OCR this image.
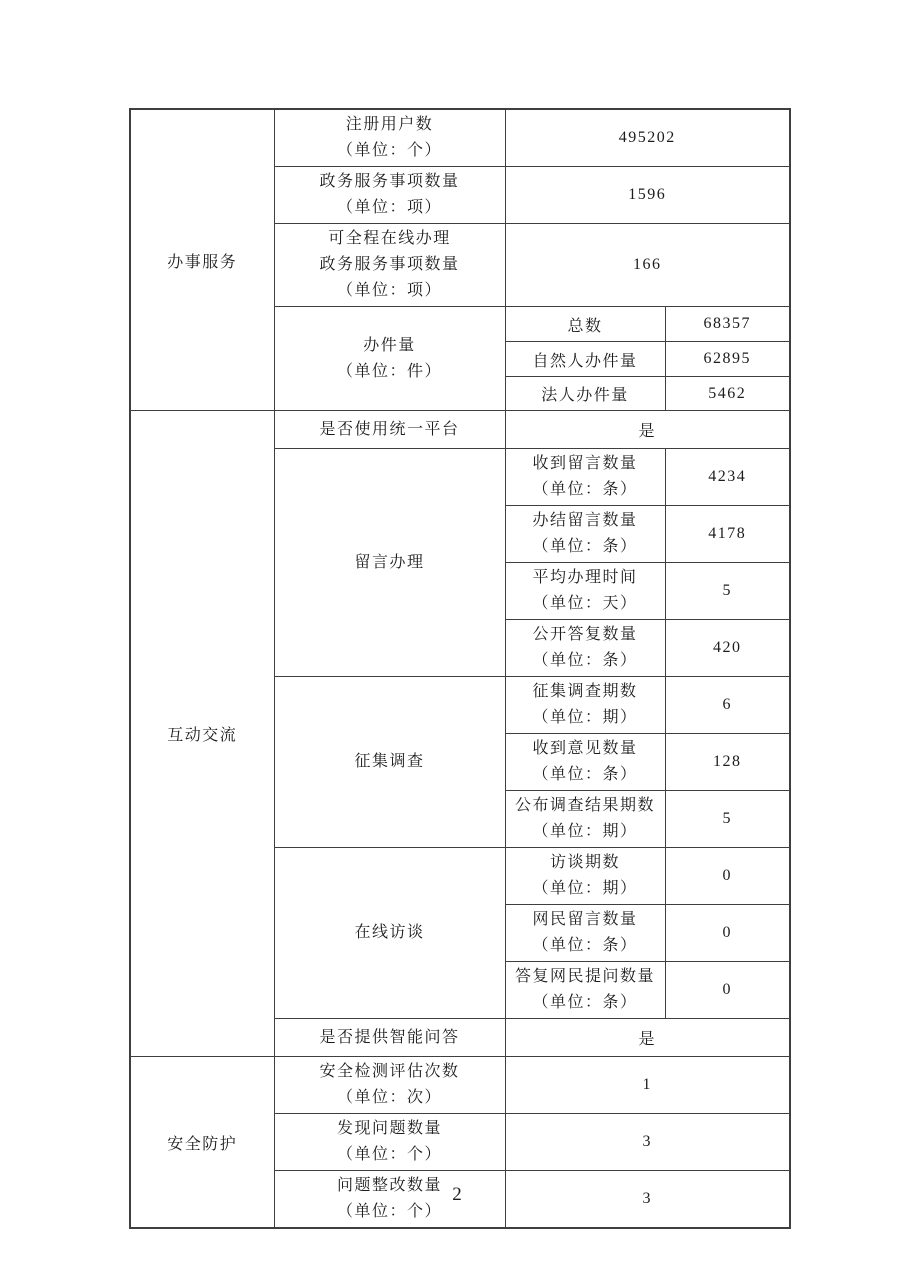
办事服务	注册用户数
（单位：个）	495202	

	政务服务事项数量
（单位：项）	1596	

	可全程在线办理
政务服务事项数量
（单位：项）	166	

	办件量
（单位：件）	总数	68357
		自然人办件量	62895
		法人办件量	5462
互动交流	是否使用统一平台	是	

	留言办理	收到留言数量
（单位：条）	4234

		办结留言数量
（单位：条）	4178

		平均办理时间
（单位：天）	5

		公开答复数量
（单位：条）	420

	征集调查	征集调查期数
（单位：期）	6

		收到意见数量
（单位：条）	128

		公布调查结果期数
（单位：期）	5

	在线访谈	访谈期数
（单位：期）	0

		网民留言数量
（单位：条）	0

		答复网民提问数量
（单位：条）	0

	是否提供智能问答	是	
安全防护	安全检测评估次数
（单位：次）	1	

	发现问题数量
（单位：个）	3	

	问题整改数量
（单位：个）	3	
2
